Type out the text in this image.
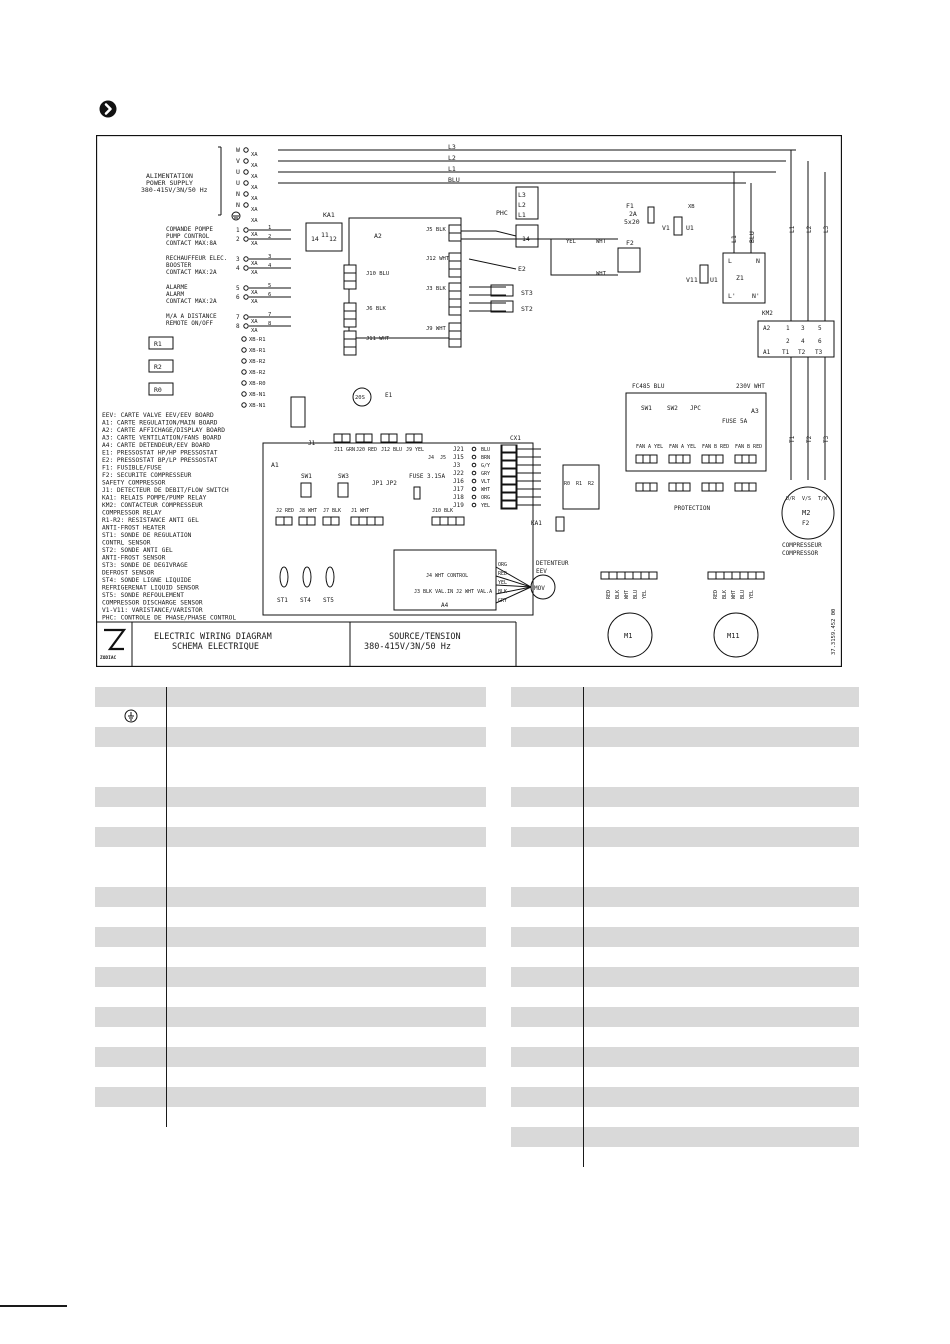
ALIMENTATION
POWER SUPPLY
380-415V/3N/50 Hz
W
XA
V
XA
U
XA
U
XA
N
XA
N
XA
XA
L3
L2
L1
BLU
COMANDE POMPE
PUMP CONTROL
CONTACT MAX:8A
1
XA
1
2
XA
2
RECHAUFFEUR ELEC.
BOOSTER
CONTACT MAX:2A
3
XA
3
4
XA
4
ALARME
ALARM
CONTACT MAX:2A
5
XA
5
6
XA
6
M/A A DISTANCE
REMOTE ON/OFF
7
XA
7
8
XA
8
KA1
14 12
11	A2
J5 BLK
J12 WHT
J3 BLK
J9 WHT
J10 BLU
J6 BLK
J11 WHT
ST3
ST2
E2
L3
L2
L1
PHC
14
F1
2A
5x20
F2
YEL	WHT
WHT
V1 U1
V11 U1
XB
Z1
L	N
L' N'
L1 BLU
KM2
A2	1 3 5
2 4 6
A1 T1 T2 T3
L1 L2 L3
T1 T2 T3
M2
F2
U/R V/S T/W
COMPRESSEUR
COMPRESSOR
R1
R2
R0
XB-R1
XB-R1
XB-R2
XB-R2
XB-R0
XB-N1
XB-N1
EEV: CARTE VALVE EEV/EEV BOARD
A1: CARTE REGULATION/MAIN BOARD
A2: CARTE AFFICHAGE/DISPLAY BOARD
A3: CARTE VENTILATION/FANS BOARD
A4: CARTE DETENDEUR/EEV BOARD
E1: PRESSOSTAT HP/HP PRESSOSTAT
E2: PRESSOSTAT BP/LP PRESSOSTAT
F1: FUSIBLE/FUSE
F2: SECURITE COMPRESSEUR
SAFETY COMPRESSOR
J1: DETECTEUR DE DEBIT/FLOW SWITCH
KA1: RELAIS POMPE/PUMP RELAY
KM2: CONTACTEUR COMPRESSEUR
COMPRESSOR RELAY
R1-R2: RESISTANCE ANTI GEL
ANTI-FROST HEATER
ST1: SONDE DE REGULATION
CONTRL SENSOR
ST2: SONDE ANTI GEL
ANTI-FROST SENSOR
ST3: SONDE DE DEGIVRAGE
DEFROST SENSOR
ST4: SONDE LIGNE LIQUIDE
REFRIGERENAT LIQUID SENSOR
ST5: SONDE REFOULEMENT
COMPRESSOR DISCHARGE SENSOR
V1-V11: VARISTANCE/VARISTOR
PHC: CONTROLE DE PHASE/PHASE CONTROL
A1
SW1	SW3
JP1 JP2
FUSE 3.15A
J1
20S	E1
J11 GRN J20 RED J12 BLU J9 YEL
J2 RED J8 WHT J7 BLK J1 WHT	J10 BLK
J4 J5
ST1 ST4 ST5
CX1
J21	BLU
J15	BRN
J3	G/Y
J22	GRY
J16	VLT
J17	WHT
J18	ORG
J19	YEL
A4
J4 WHT CONTROL
J3 BLK VAL.IN J2 WHT VAL.A	MOV
DETENTEUR
EEV
ORG
RED
YEL
BLK
GRY
KA1
R0 R1 R2
A3
SW1	SW2 JPC
FUSE 5A
FC485 BLU	230V WHT
PROTECTION
FAN A YEL FAN A YEL FAN B RED FAN B RED
M1	M11
RED BLK WHT BLU YEL	RED BLK WHT BLU YEL
37.3159.452 00
ZODIAC
ELECTRIC WIRING DIAGRAM
SCHEMA ELECTRIQUE
SOURCE/TENSION
380-415V/3N/50 Hz
